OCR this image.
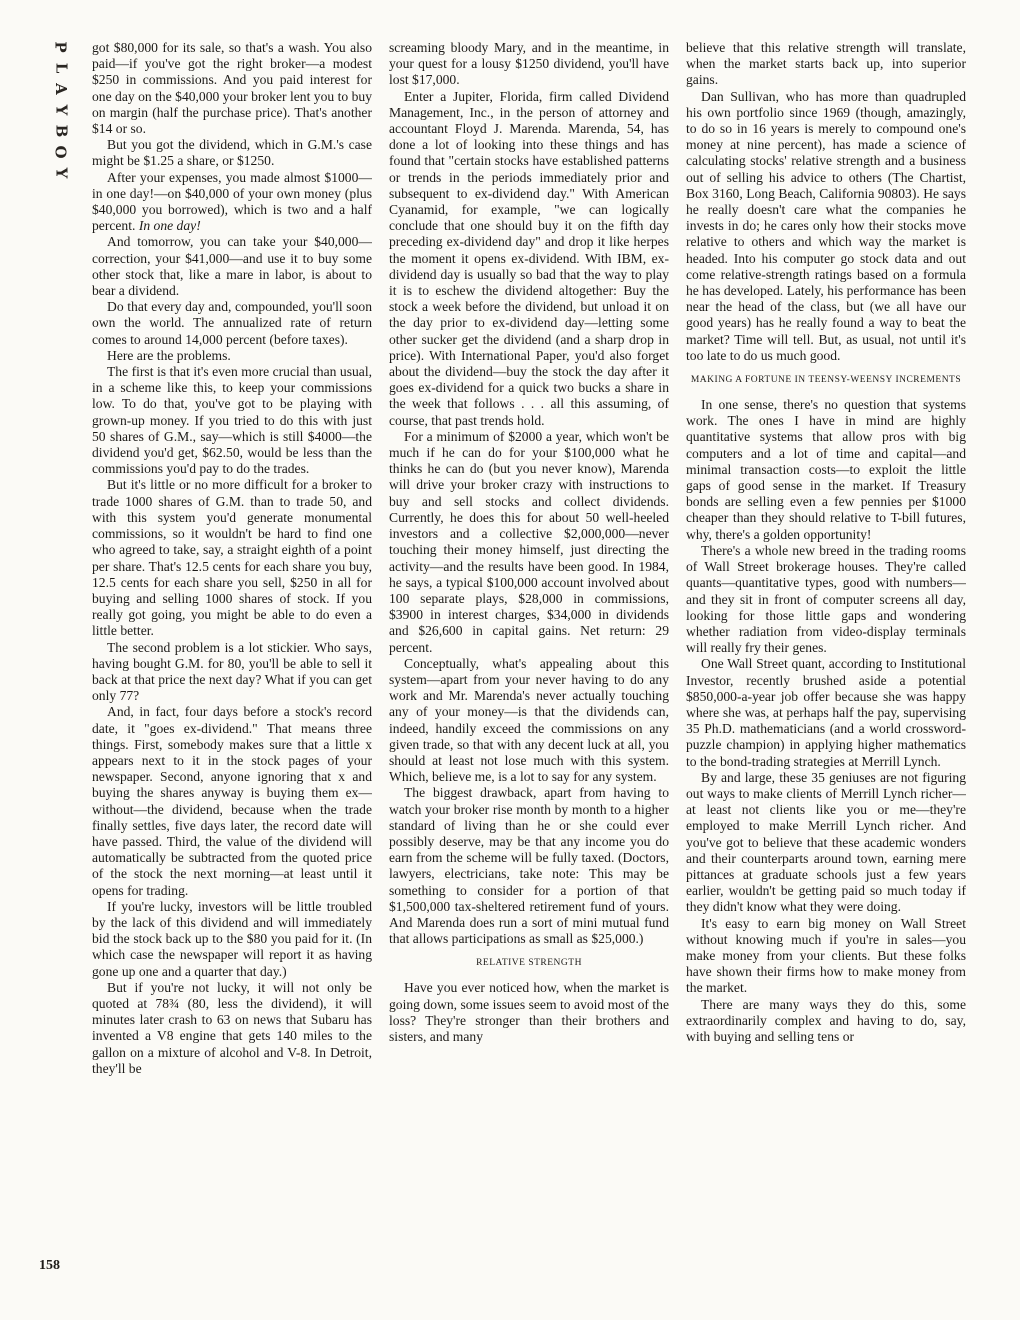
P
L
A
Y
B
O
Y

got $80,000 for its sale, so that's a wash. You also paid—if you've got the right broker—a modest $250 in commissions. And you paid interest for one day on the $40,000 your broker lent you to buy on margin (half the purchase price). That's another $14 or so.

But you got the dividend, which in G.M.'s case might be $1.25 a share, or $1250.

After your expenses, you made almost $1000—in one day!—on $40,000 of your own money (plus $40,000 you borrowed), which is two and a half percent. In one day!

And tomorrow, you can take your $40,000—correction, your $41,000—and use it to buy some other stock that, like a mare in labor, is about to bear a dividend.

Do that every day and, compounded, you'll soon own the world. The annualized rate of return comes to around 14,000 percent (before taxes).

Here are the problems.

The first is that it's even more crucial than usual, in a scheme like this, to keep your commissions low. To do that, you've got to be playing with grown-up money. If you tried to do this with just 50 shares of G.M., say—which is still $4000—the dividend you'd get, $62.50, would be less than the commissions you'd pay to do the trades.

But it's little or no more difficult for a broker to trade 1000 shares of G.M. than to trade 50, and with this system you'd generate monumental commissions, so it wouldn't be hard to find one who agreed to take, say, a straight eighth of a point per share. That's 12.5 cents for each share you buy, 12.5 cents for each share you sell, $250 in all for buying and selling 1000 shares of stock. If you really got going, you might be able to do even a little better.

The second problem is a lot stickier. Who says, having bought G.M. for 80, you'll be able to sell it back at that price the next day? What if you can get only 77?

And, in fact, four days before a stock's record date, it "goes ex-dividend." That means three things. First, somebody makes sure that a little x appears next to it in the stock pages of your newspaper. Second, anyone ignoring that x and buying the shares anyway is buying them ex—without—the dividend, because when the trade finally settles, five days later, the record date will have passed. Third, the value of the dividend will automatically be subtracted from the quoted price of the stock the next morning—at least until it opens for trading.

If you're lucky, investors will be little troubled by the lack of this dividend and will immediately bid the stock back up to the $80 you paid for it. (In which case the newspaper will report it as having gone up one and a quarter that day.)

But if you're not lucky, it will not only be quoted at 78¾ (80, less the dividend), it will minutes later crash to 63 on news that Subaru has invented a V8 engine that gets 140 miles to the gallon on a mixture of alcohol and V-8. In Detroit, they'll be

screaming bloody Mary, and in the meantime, in your quest for a lousy $1250 dividend, you'll have lost $17,000.

Enter a Jupiter, Florida, firm called Dividend Management, Inc., in the person of attorney and accountant Floyd J. Marenda. Marenda, 54, has done a lot of looking into these things and has found that "certain stocks have established patterns or trends in the periods immediately prior and subsequent to ex-dividend day." With American Cyanamid, for example, "we can logically conclude that one should buy it on the fifth day preceding ex-dividend day" and drop it like herpes the moment it opens ex-dividend. With IBM, ex-dividend day is usually so bad that the way to play it is to eschew the dividend altogether: Buy the stock a week before the dividend, but unload it on the day prior to ex-dividend day—letting some other sucker get the dividend (and a sharp drop in price). With International Paper, you'd also forget about the dividend—buy the stock the day after it goes ex-dividend for a quick two bucks a share in the week that follows . . . all this assuming, of course, that past trends hold.

For a minimum of $2000 a year, which won't be much if he can do for your $100,000 what he thinks he can do (but you never know), Marenda will drive your broker crazy with instructions to buy and sell stocks and collect dividends. Currently, he does this for about 50 well-heeled investors and a collective $2,000,000—never touching their money himself, just directing the activity—and the results have been good. In 1984, he says, a typical $100,000 account involved about 100 separate plays, $28,000 in commissions, $3900 in interest charges, $34,000 in dividends and $26,600 in capital gains. Net return: 29 percent.

Conceptually, what's appealing about this system—apart from your never having to do any work and Mr. Marenda's never actually touching any of your money—is that the dividends can, indeed, handily exceed the commissions on any given trade, so that with any decent luck at all, you should at least not lose much with this system. Which, believe me, is a lot to say for any system.

The biggest drawback, apart from having to watch your broker rise month by month to a higher standard of living than he or she could ever possibly deserve, may be that any income you do earn from the scheme will be fully taxed. (Doctors, lawyers, electricians, take note: This may be something to consider for a portion of that $1,500,000 tax-sheltered retirement fund of yours. And Marenda does run a sort of mini mutual fund that allows participations as small as $25,000.)

RELATIVE STRENGTH

Have you ever noticed how, when the market is going down, some issues seem to avoid most of the loss? They're stronger than their brothers and sisters, and many

believe that this relative strength will translate, when the market starts back up, into superior gains.

Dan Sullivan, who has more than quadrupled his own portfolio since 1969 (though, amazingly, to do so in 16 years is merely to compound one's money at nine percent), has made a science of calculating stocks' relative strength and a business out of selling his advice to others (The Chartist, Box 3160, Long Beach, California 90803). He says he really doesn't care what the companies he invests in do; he cares only how their stocks move relative to others and which way the market is headed. Into his computer go stock data and out come relative-strength ratings based on a formula he has developed. Lately, his performance has been near the head of the class, but (we all have our good years) has he really found a way to beat the market? Time will tell. But, as usual, not until it's too late to do us much good.

MAKING A FORTUNE IN TEENSY-WEENSY INCREMENTS

In one sense, there's no question that systems work. The ones I have in mind are highly quantitative systems that allow pros with big computers and a lot of time and capital—and minimal transaction costs—to exploit the little gaps of good sense in the market. If Treasury bonds are selling even a few pennies per $1000 cheaper than they should relative to T-bill futures, why, there's a golden opportunity!

There's a whole new breed in the trading rooms of Wall Street brokerage houses. They're called quants—quantitative types, good with numbers—and they sit in front of computer screens all day, looking for those little gaps and wondering whether radiation from video-display terminals will really fry their genes.

One Wall Street quant, according to Institutional Investor, recently brushed aside a potential $850,000-a-year job offer because she was happy where she was, at perhaps half the pay, supervising 35 Ph.D. mathematicians (and a world crossword-puzzle champion) in applying higher mathematics to the bond-trading strategies at Merrill Lynch.

By and large, these 35 geniuses are not figuring out ways to make clients of Merrill Lynch richer—at least not clients like you or me—they're employed to make Merrill Lynch richer. And you've got to believe that these academic wonders and their counterparts around town, earning mere pittances at graduate schools just a few years earlier, wouldn't be getting paid so much today if they didn't know what they were doing.

It's easy to earn big money on Wall Street without knowing much if you're in sales—you make money from your clients. But these folks have shown their firms how to make money from the market.

There are many ways they do this, some extraordinarily complex and having to do, say, with buying and selling tens or

158
